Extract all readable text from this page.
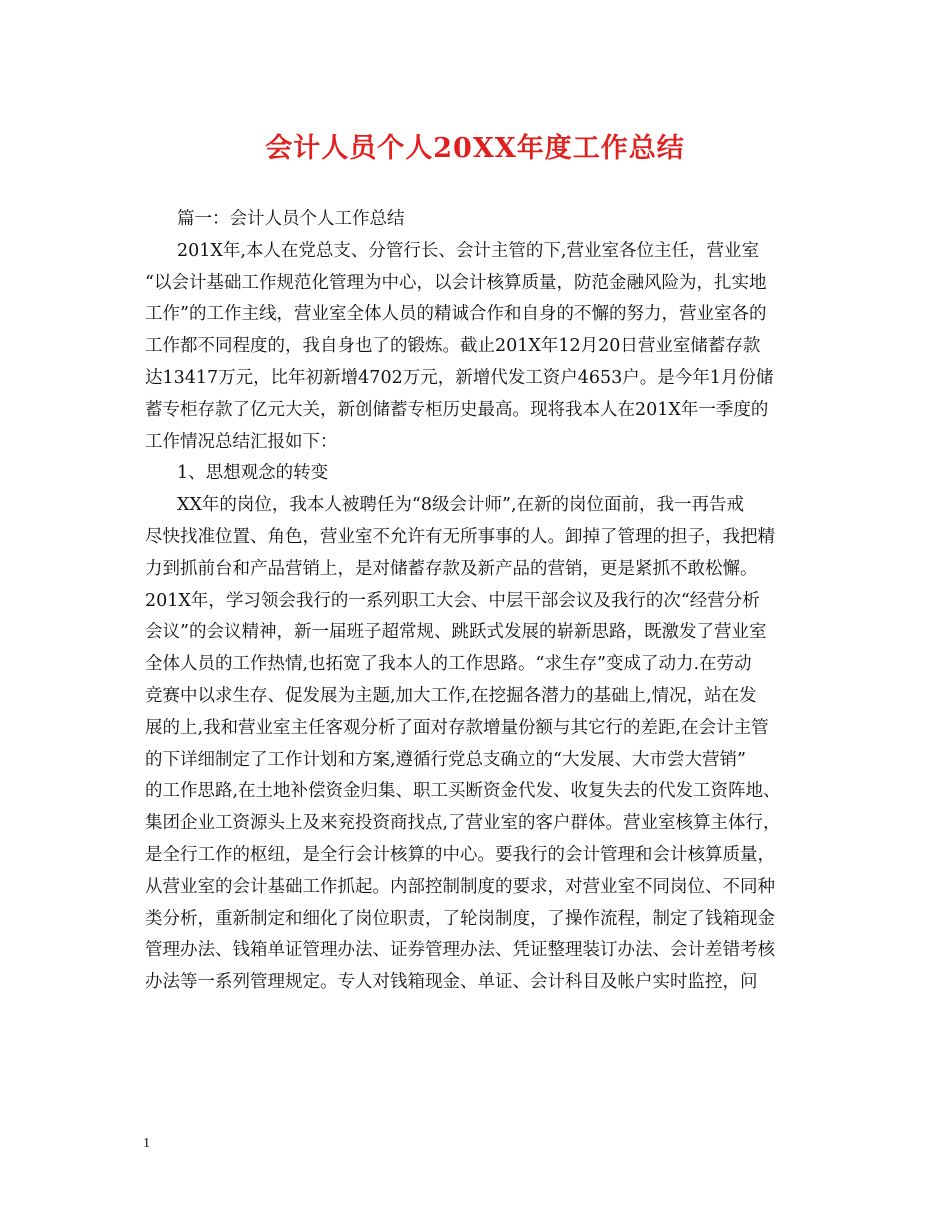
会计人员个人20XX年度工作总结
篇一：会计人员个人工作总结
201X年,本人在党总支、分管行长、会计主管的下,营业室各位主任，营业室
“以会计基础工作规范化管理为中心，以会计核算质量，防范金融风险为，扎实地
工作”的工作主线，营业室全体人员的精诚合作和自身的不懈的努力，营业室各的
工作都不同程度的，我自身也了的锻炼。截止201X年12月20日营业室储蓄存款
达13417万元，比年初新增4702万元，新增代发工资户4653户。是今年1月份储
蓄专柜存款了亿元大关，新创储蓄专柜历史最高。现将我本人在201X年一季度的
工作情况总结汇报如下：
1、思想观念的转变
XX年的岗位，我本人被聘任为“8级会计师”,在新的岗位面前，我一再告戒
尽快找准位置、角色，营业室不允许有无所事事的人。卸掉了管理的担子，我把精
力到抓前台和产品营销上，是对储蓄存款及新产品的营销，更是紧抓不敢松懈。
201X年，学习领会我行的一系列职工大会、中层干部会议及我行的次“经营分析
会议”的会议精神，新一届班子超常规、跳跃式发展的崭新思路，既激发了营业室
全体人员的工作热情,也拓宽了我本人的工作思路。“求生存”变成了动力.在劳动
竞赛中以求生存、促发展为主题,加大工作,在挖掘各潜力的基础上,情况，站在发
展的上,我和营业室主任客观分析了面对存款增量份额与其它行的差距,在会计主管
的下详细制定了工作计划和方案,遵循行党总支确立的“大发展、大市尝大营销”
的工作思路,在土地补偿资金归集、职工买断资金代发、收复失去的代发工资阵地、
集团企业工资源头上及来兖投资商找点,了营业室的客户群体。营业室核算主体行，
是全行工作的枢纽，是全行会计核算的中心。要我行的会计管理和会计核算质量，
从营业室的会计基础工作抓起。内部控制制度的要求，对营业室不同岗位、不同种
类分析，重新制定和细化了岗位职责，了轮岗制度，了操作流程，制定了钱箱现金
管理办法、钱箱单证管理办法、证券管理办法、凭证整理装订办法、会计差错考核
办法等一系列管理规定。专人对钱箱现金、单证、会计科目及帐户实时监控，问
1
